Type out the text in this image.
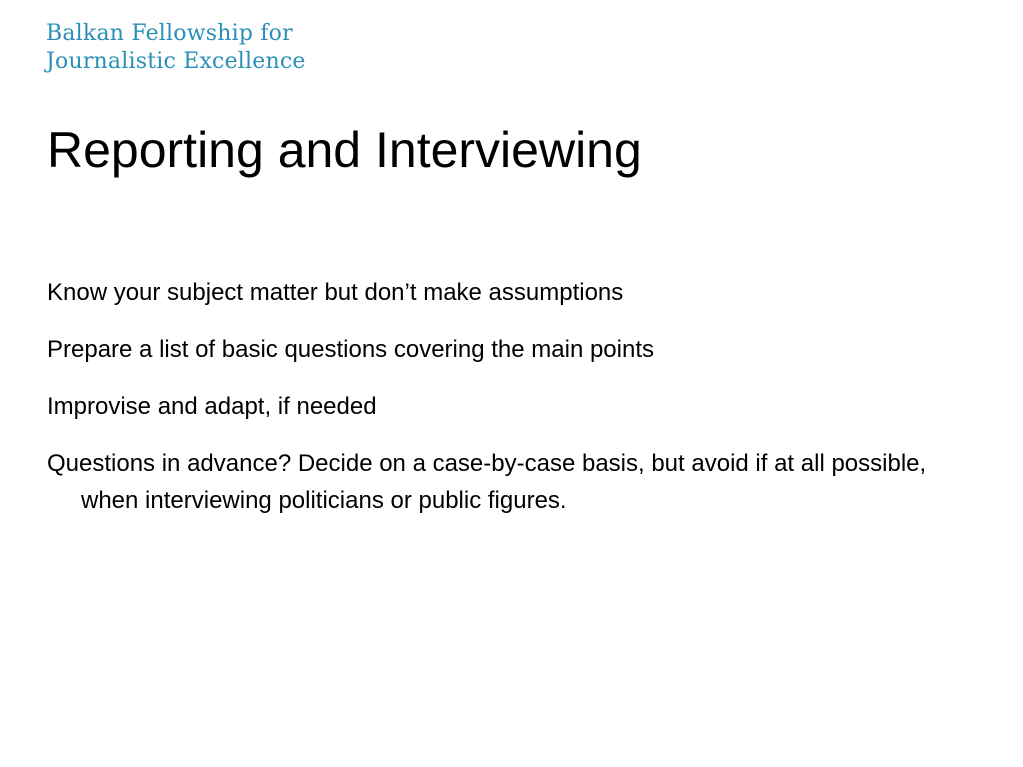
Balkan Fellowship for
Journalistic Excellence
Reporting and Interviewing
Know your subject matter but don’t make assumptions
Prepare a list of basic questions covering the main points
Improvise and adapt, if needed
Questions in advance? Decide on a case-by-case basis, but avoid if at all possible, when interviewing politicians or public figures.
